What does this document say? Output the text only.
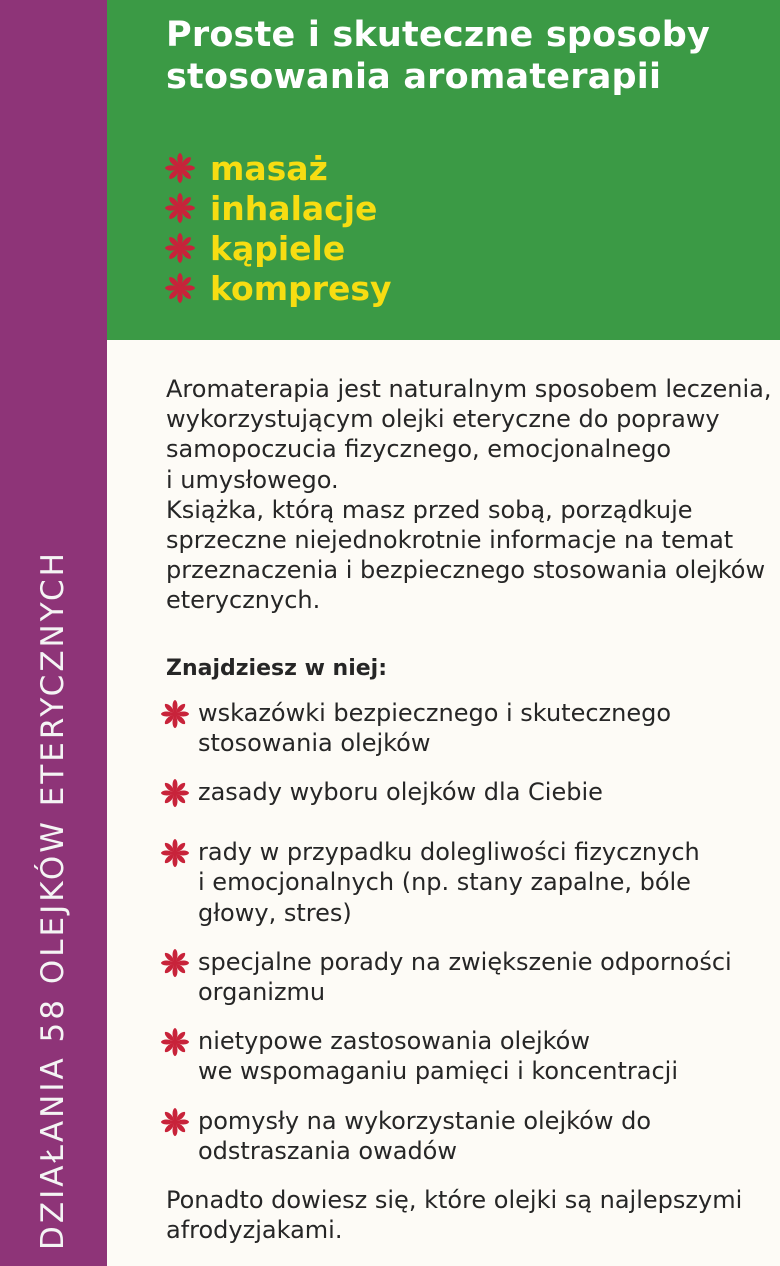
DZIAŁANIA 58 OLEJKÓW ETERYCZNYCH
Proste i skuteczne sposoby
stosowania aromaterapii
masaż
inhalacje
kąpiele
kompresy
Aromaterapia jest naturalnym sposobem leczenia,
wykorzystującym olejki eteryczne do poprawy
samopoczucia fizycznego, emocjonalnego
i umysłowego.
Książka, którą masz przed sobą, porządkuje
sprzeczne niejednokrotnie informacje na temat
przeznaczenia i bezpiecznego stosowania olejków
eterycznych.
Znajdziesz w niej:
wskazówki bezpiecznego i skutecznego
stosowania olejków
zasady wyboru olejków dla Ciebie
rady w przypadku dolegliwości fizycznych
i emocjonalnych (np. stany zapalne, bóle
głowy, stres)
specjalne porady na zwiększenie odporności
organizmu
nietypowe zastosowania olejków
we wspomaganiu pamięci i koncentracji
pomysły na wykorzystanie olejków do
odstraszania owadów
Ponadto dowiesz się, które olejki są najlepszymi
afrodyzjakami.
